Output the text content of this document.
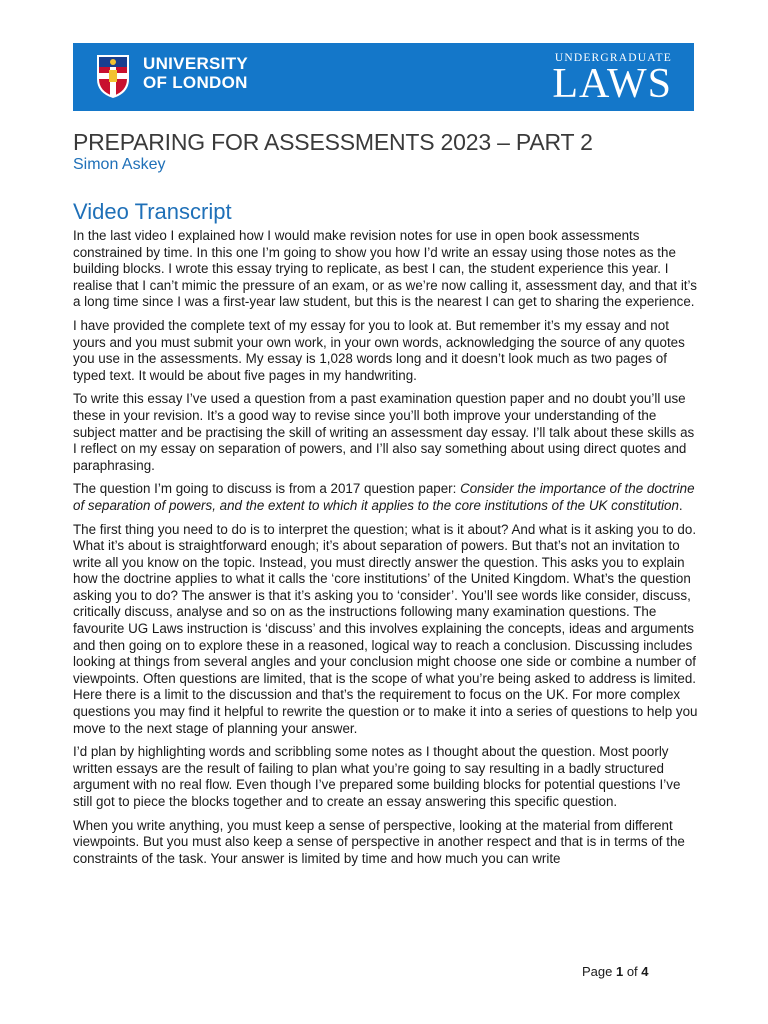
UNIVERSITY
OF LONDON
UNDERGRADUATE
LAWS
PREPARING FOR ASSESSMENTS 2023 – PART 2
Simon Askey
Video Transcript

In the last video I explained how I would make revision notes for use in open book assessments constrained by time. In this one I’m going to show you how I’d write an essay using those notes as the building blocks. I wrote this essay trying to replicate, as best I can, the student experience this year. I realise that I can’t mimic the pressure of an exam, or as we’re now calling it, assessment day, and that it’s a long time since I was a first-year law student, but this is the nearest I can get to sharing the experience.

I have provided the complete text of my essay for you to look at. But remember it’s my essay and not yours and you must submit your own work, in your own words, acknowledging the source of any quotes you use in the assessments. My essay is 1,028 words long and it doesn’t look much as two pages of typed text. It would be about five pages in my handwriting.

To write this essay I’ve used a question from a past examination question paper and no doubt you’ll use these in your revision. It’s a good way to revise since you’ll both improve your understanding of the subject matter and be practising the skill of writing an assessment day essay. I’ll talk about these skills as I reflect on my essay on separation of powers, and I’ll also say something about using direct quotes and paraphrasing.

The question I’m going to discuss is from a 2017 question paper: Consider the importance of the doctrine of separation of powers, and the extent to which it applies to the core institutions of the UK constitution.

The first thing you need to do is to interpret the question; what is it about? And what is it asking you to do. What it’s about is straightforward enough; it’s about separation of powers. But that’s not an invitation to write all you know on the topic. Instead, you must directly answer the question. This asks you to explain how the doctrine applies to what it calls the ‘core institutions’ of the United Kingdom. What’s the question asking you to do? The answer is that it’s asking you to ‘consider’. You’ll see words like consider, discuss, critically discuss, analyse and so on as the instructions following many examination questions. The favourite UG Laws instruction is ‘discuss’ and this involves explaining the concepts, ideas and arguments and then going on to explore these in a reasoned, logical way to reach a conclusion. Discussing includes looking at things from several angles and your conclusion might choose one side or combine a number of viewpoints. Often questions are limited, that is the scope of what you’re being asked to address is limited. Here there is a limit to the discussion and that’s the requirement to focus on the UK. For more complex questions you may find it helpful to rewrite the question or to make it into a series of questions to help you move to the next stage of planning your answer.

I’d plan by highlighting words and scribbling some notes as I thought about the question. Most poorly written essays are the result of failing to plan what you’re going to say resulting in a badly structured argument with no real flow. Even though I’ve prepared some building blocks for potential questions I’ve still got to piece the blocks together and to create an essay answering this specific question.

When you write anything, you must keep a sense of perspective, looking at the material from different viewpoints. But you must also keep a sense of perspective in another respect and that is in terms of the constraints of the task. Your answer is limited by time and how much you can write

Page 1 of 4
